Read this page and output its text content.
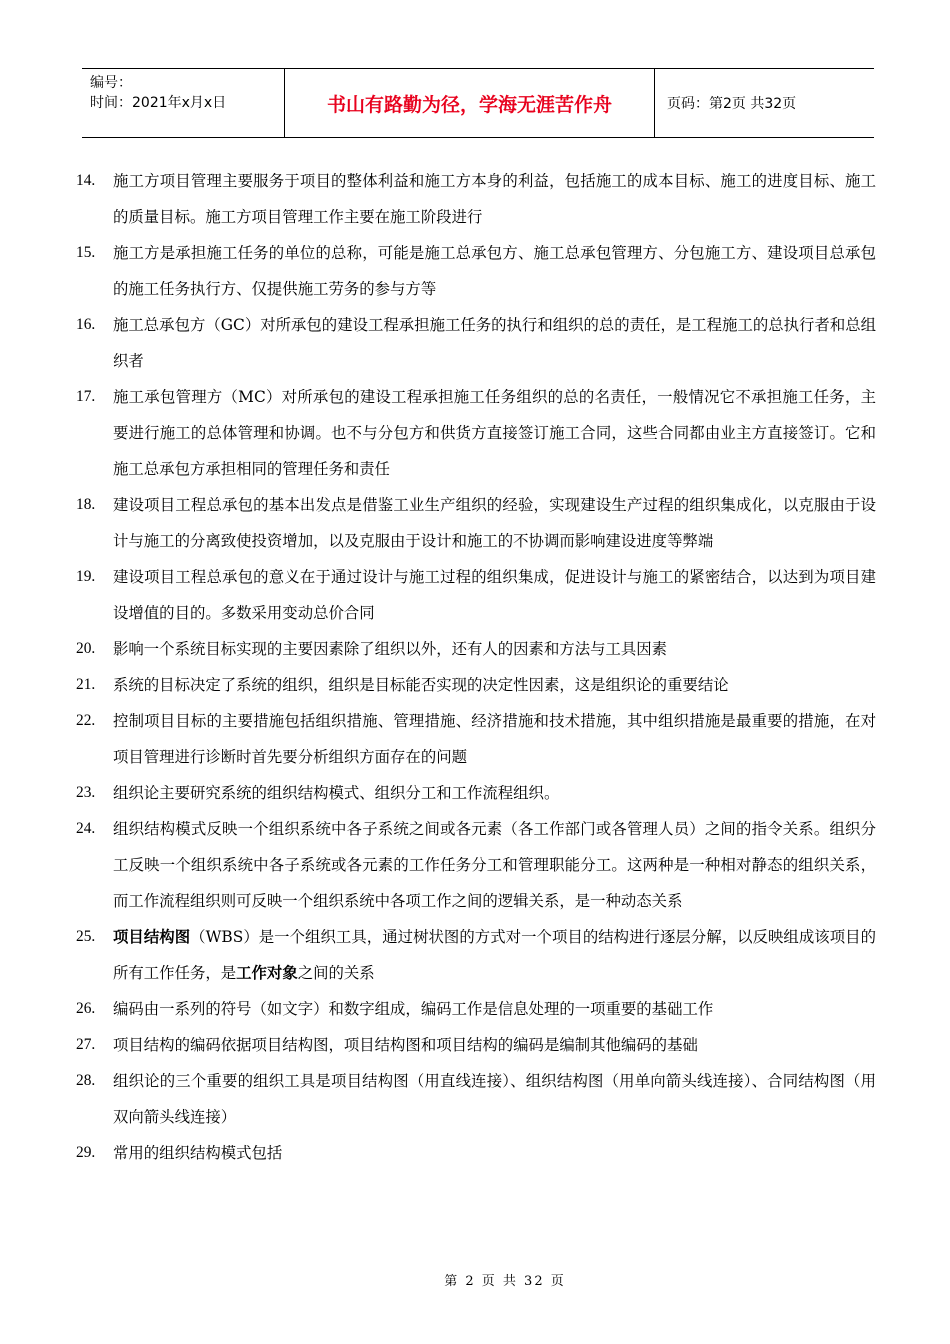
编号：
时间：2021年x月x日	书山有路勤为径，学海无涯苦作舟	页码：第2页 共32页
14.	施工方项目管理主要服务于项目的整体利益和施工方本身的利益，包括施工的成本目标、施工的进度目标、施工的质量目标。施工方项目管理工作主要在施工阶段进行
15.	施工方是承担施工任务的单位的总称，可能是施工总承包方、施工总承包管理方、分包施工方、建设项目总承包的施工任务执行方、仅提供施工劳务的参与方等
16.	施工总承包方（GC）对所承包的建设工程承担施工任务的执行和组织的总的责任，是工程施工的总执行者和总组织者
17.	施工承包管理方（MC）对所承包的建设工程承担施工任务组织的总的名责任，一般情况它不承担施工任务，主要进行施工的总体管理和协调。也不与分包方和供货方直接签订施工合同，这些合同都由业主方直接签订。它和施工总承包方承担相同的管理任务和责任
18.	建设项目工程总承包的基本出发点是借鉴工业生产组织的经验，实现建设生产过程的组织集成化，以克服由于设计与施工的分离致使投资增加，以及克服由于设计和施工的不协调而影响建设进度等弊端
19.	建设项目工程总承包的意义在于通过设计与施工过程的组织集成，促进设计与施工的紧密结合，以达到为项目建设增值的目的。多数采用变动总价合同
20.	影响一个系统目标实现的主要因素除了组织以外，还有人的因素和方法与工具因素
21.	系统的目标决定了系统的组织，组织是目标能否实现的决定性因素，这是组织论的重要结论
22.	控制项目目标的主要措施包括组织措施、管理措施、经济措施和技术措施，其中组织措施是最重要的措施，在对项目管理进行诊断时首先要分析组织方面存在的问题
23.	组织论主要研究系统的组织结构模式、组织分工和工作流程组织。
24.	组织结构模式反映一个组织系统中各子系统之间或各元素（各工作部门或各管理人员）之间的指令关系。组织分工反映一个组织系统中各子系统或各元素的工作任务分工和管理职能分工。这两种是一种相对静态的组织关系，而工作流程组织则可反映一个组织系统中各项工作之间的逻辑关系，是一种动态关系
25.	项目结构图（WBS）是一个组织工具，通过树状图的方式对一个项目的结构进行逐层分解，以反映组成该项目的所有工作任务，是工作对象之间的关系
26.	编码由一系列的符号（如文字）和数字组成，编码工作是信息处理的一项重要的基础工作
27.	项目结构的编码依据项目结构图，项目结构图和项目结构的编码是编制其他编码的基础
28.	组织论的三个重要的组织工具是项目结构图（用直线连接）、组织结构图（用单向箭头线连接）、合同结构图（用双向箭头线连接）
29.	常用的组织结构模式包括
第 2 页 共 32 页
